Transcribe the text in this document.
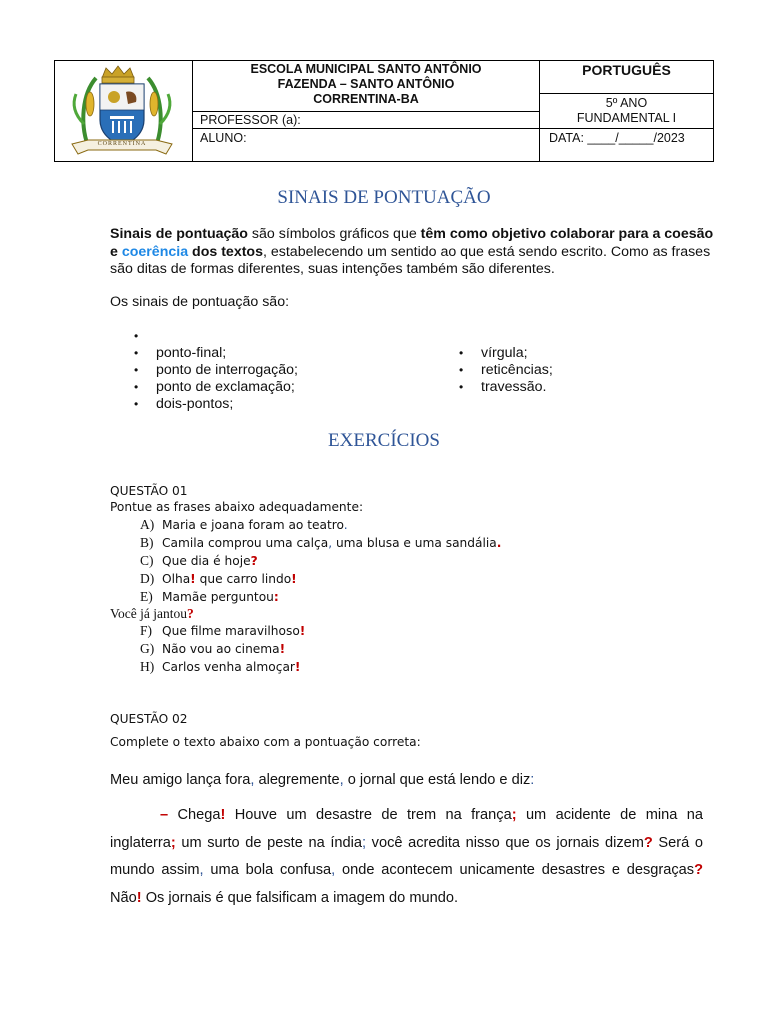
CORRENTINA
ESCOLA MUNICIPAL SANTO ANTÔNIO
FAZENDA – SANTO ANTÔNIO
CORRENTINA-BA
PORTUGUÊS
5º ANO
FUNDAMENTAL I
PROFESSOR (a):
ALUNO:	DATA: ____/_____/2023
SINAIS DE PONTUAÇÃO
Sinais de pontuação são símbolos gráficos que têm como objetivo colaborar para a coesão e coerência dos textos, estabelecendo um sentido ao que está sendo escrito. Como as frases são ditas de formas diferentes, suas intenções também são diferentes.
Os sinais de pontuação são:
• ponto-final;
• ponto de interrogação;
• ponto de exclamação;
• dois-pontos;
• vírgula;
• reticências;
• travessão.
EXERCÍCIOS
QUESTÃO 01
Pontue as frases abaixo adequadamente:
A) Maria e joana foram ao teatro.
B) Camila comprou uma calça, uma blusa e uma sandália.
C) Que dia é hoje?
D) Olha! que carro lindo!
E) Mamãe perguntou:
Você já jantou?
F) Que filme maravilhoso!
G) Não vou ao cinema!
H) Carlos venha almoçar!
QUESTÃO 02
Complete o texto abaixo com a pontuação correta:
Meu amigo lança fora, alegremente, o jornal que está lendo e diz:
– Chega! Houve um desastre de trem na frança; um acidente de mina na inglaterra; um surto de peste na índia; você acredita nisso que os jornais dizem? Será o mundo assim, uma bola confusa, onde acontecem unicamente desastres e desgraças? Não! Os jornais é que falsificam a imagem do mundo.
